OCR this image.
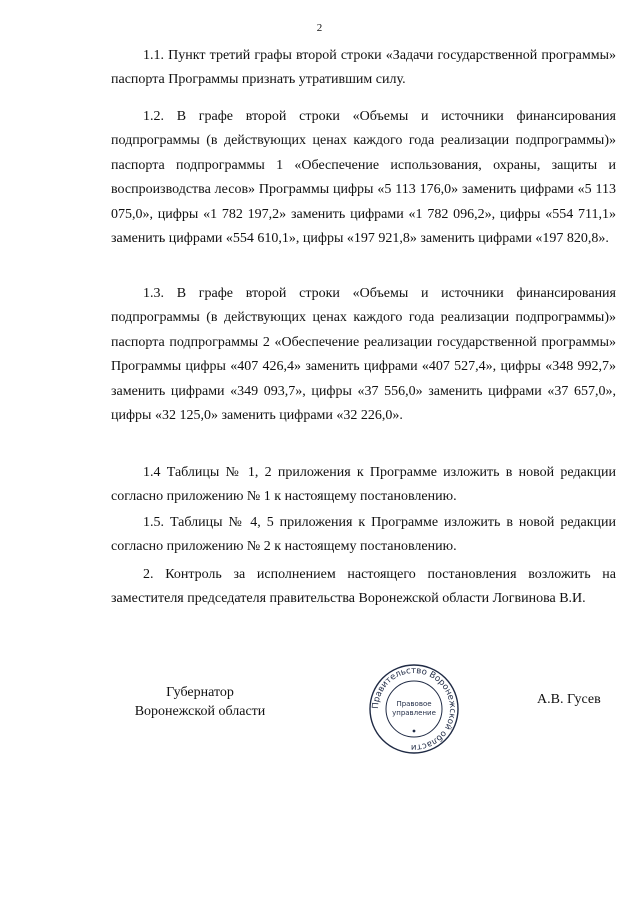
2

1.1. Пункт третий графы второй строки «Задачи государственной программы» паспорта Программы признать утратившим силу.

1.2. В графе второй строки «Объемы и источники финансирования подпрограммы (в действующих ценах каждого года реализации подпрограммы)» паспорта подпрограммы 1 «Обеспечение использования, охраны, защиты и воспроизводства лесов» Программы цифры «5 113 176,0» заменить цифрами «5 113 075,0», цифры «1 782 197,2» заменить цифрами «1 782 096,2», цифры «554 711,1» заменить цифрами «554 610,1», цифры «197 921,8» заменить цифрами «197 820,8».

1.3. В графе второй строки «Объемы и источники финансирования подпрограммы (в действующих ценах каждого года реализации подпрограммы)» паспорта подпрограммы 2 «Обеспечение реализации государственной программы» Программы цифры «407 426,4» заменить цифрами «407 527,4», цифры «348 992,7» заменить цифрами «349 093,7», цифры «37 556,0» заменить цифрами «37 657,0», цифры «32 125,0» заменить цифрами «32 226,0».

1.4 Таблицы № 1, 2 приложения к Программе изложить в новой редакции согласно приложению № 1 к настоящему постановлению.

1.5. Таблицы № 4, 5 приложения к Программе изложить в новой редакции согласно приложению № 2 к настоящему постановлению.

2. Контроль за исполнением настоящего постановления возложить на заместителя председателя правительства Воронежской области Логвинова В.И.

Губернатор
Воронежской области	Правительство Воронежской области
Правовое
управление
А.В. Гусев
